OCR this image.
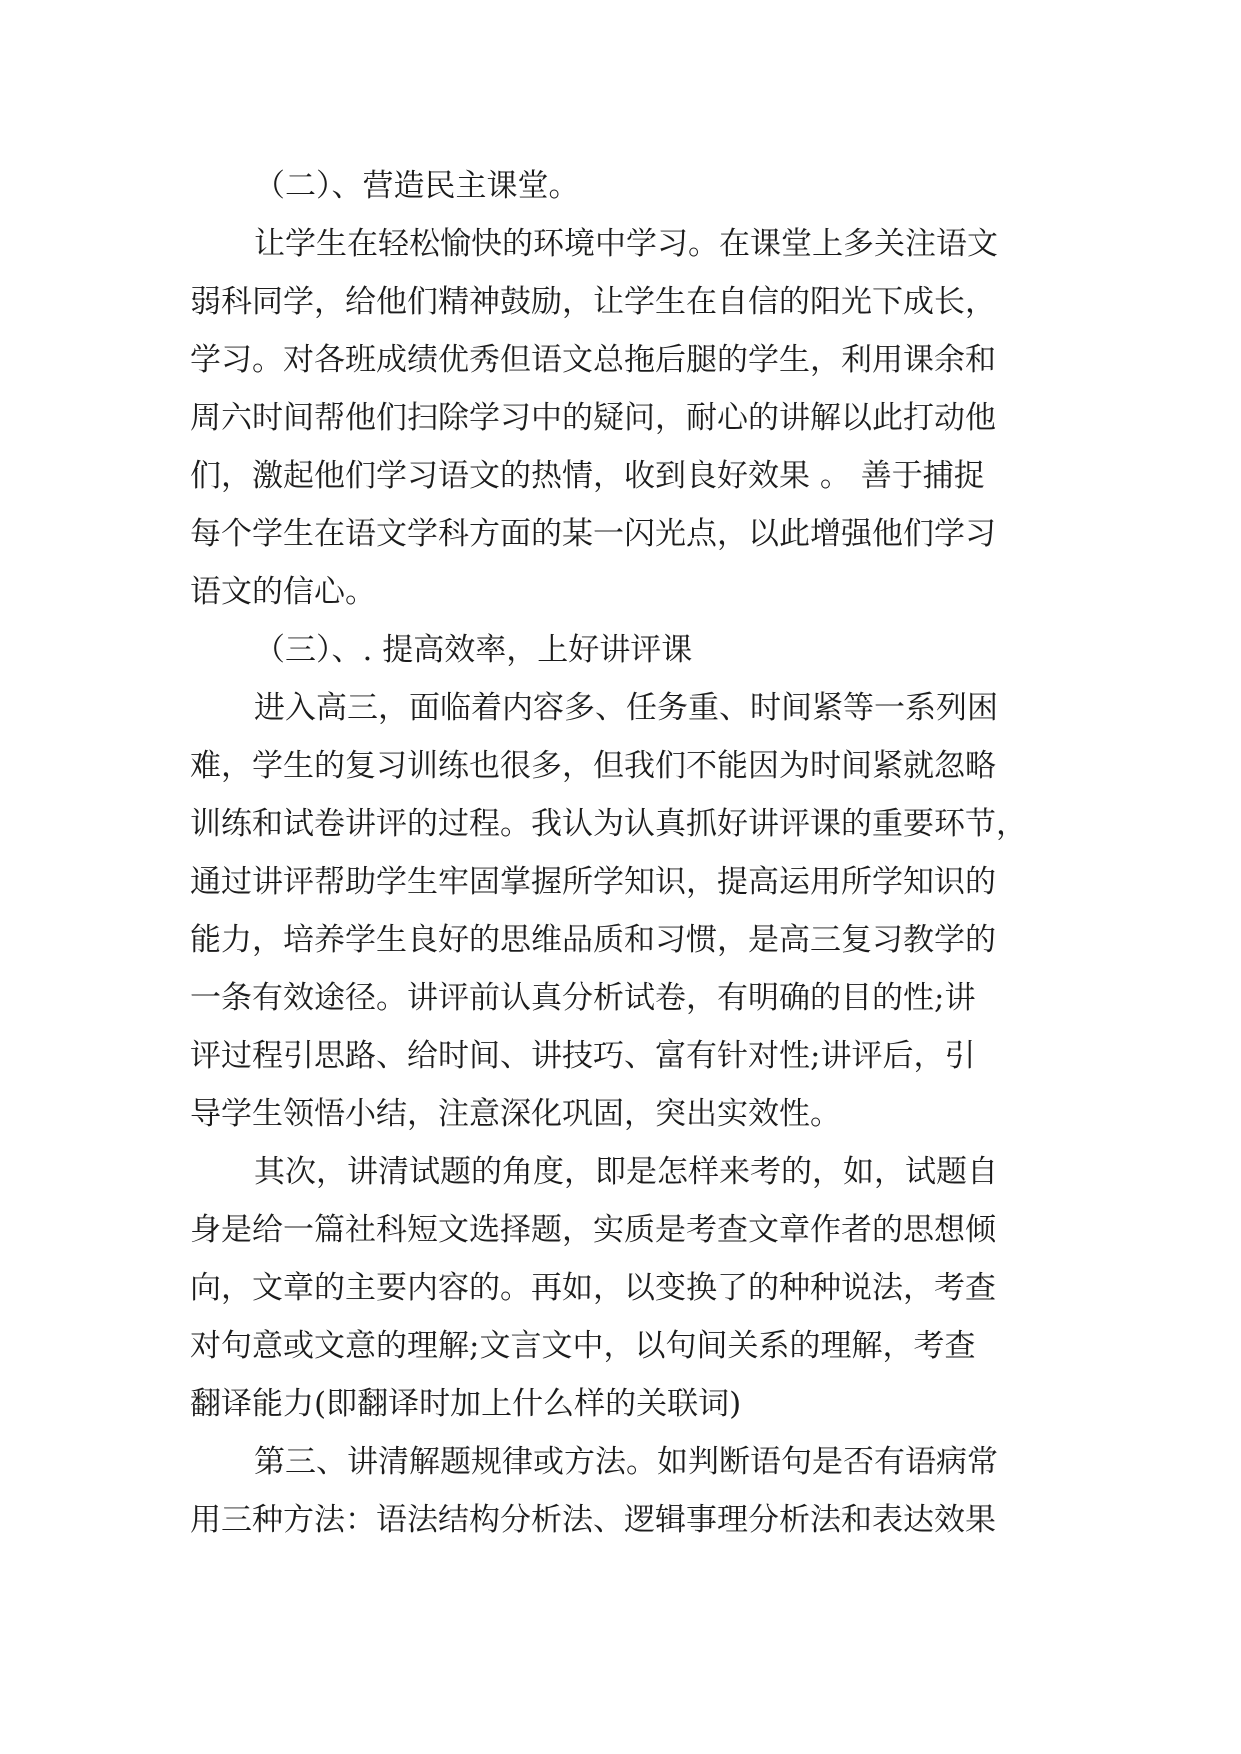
（二）、营造民主课堂。
让学生在轻松愉快的环境中学习。在课堂上多关注语文
弱科同学，给他们精神鼓励，让学生在自信的阳光下成长，
学习。对各班成绩优秀但语文总拖后腿的学生，利用课余和
周六时间帮他们扫除学习中的疑问，耐心的讲解以此打动他
们，激起他们学习语文的热情，收到良好效果 。 善于捕捉
每个学生在语文学科方面的某一闪光点，以此增强他们学习
语文的信心。
（三）、. 提高效率，上好讲评课
进入高三，面临着内容多、任务重、时间紧等一系列困
难，学生的复习训练也很多，但我们不能因为时间紧就忽略
训练和试卷讲评的过程。我认为认真抓好讲评课的重要环节，
通过讲评帮助学生牢固掌握所学知识，提高运用所学知识的
能力，培养学生良好的思维品质和习惯，是高三复习教学的
一条有效途径。讲评前认真分析试卷，有明确的目的性;讲
评过程引思路、给时间、讲技巧、富有针对性;讲评后，引
导学生领悟小结，注意深化巩固，突出实效性。
其次，讲清试题的角度，即是怎样来考的，如，试题自
身是给一篇社科短文选择题，实质是考查文章作者的思想倾
向，文章的主要内容的。再如，以变换了的种种说法，考查
对句意或文意的理解;文言文中，以句间关系的理解，考查
翻译能力(即翻译时加上什么样的关联词)
第三、讲清解题规律或方法。如判断语句是否有语病常
用三种方法：语法结构分析法、逻辑事理分析法和表达效果
